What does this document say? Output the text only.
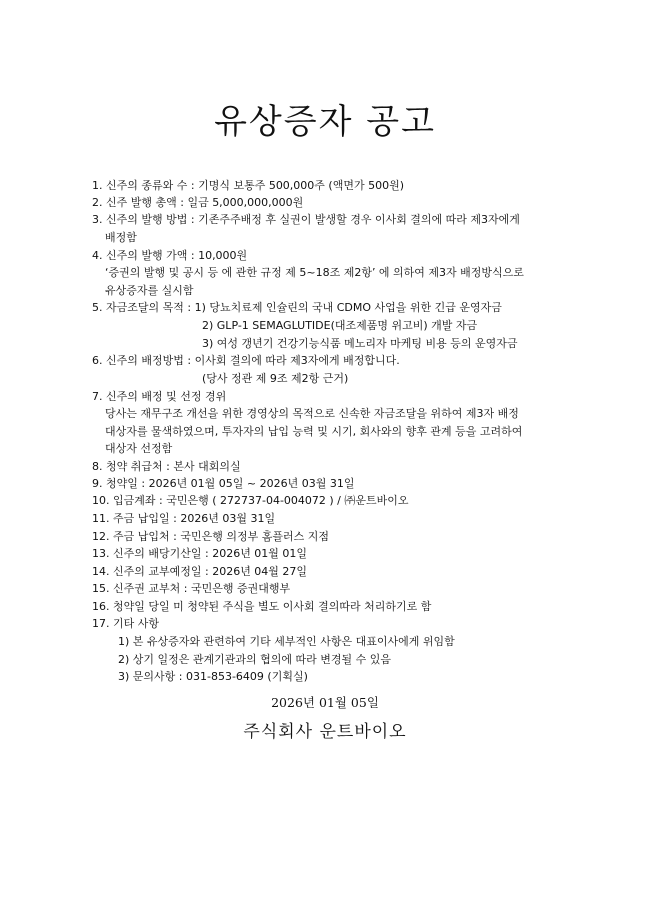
유상증자 공고
1. 신주의 종류와 수 : 기명식 보통주 500,000주 (액면가 500원)
2. 신주 발행 총액 : 일금 5,000,000,000원
3. 신주의 발행 방법 : 기존주주배정 후 실권이 발생할 경우 이사회 결의에 따라 제3자에게
배정함
4. 신주의 발행 가액 : 10,000원
‘증권의 발행 및 공시 등 에 관한 규정 제 5~18조 제2항’ 에 의하여 제3자 배정방식으로
유상증자를 실시함
5. 자금조달의 목적 : 1) 당뇨치료제 인슐린의 국내 CDMO 사업을 위한 긴급 운영자금
2) GLP-1 SEMAGLUTIDE(대조제품명 위고비) 개발 자금
3) 여성 갱년기 건강기능식품 메노리자 마케팅 비용 등의 운영자금
6. 신주의 배정방법 : 이사회 결의에 따라 제3자에게 배정합니다.
(당사 정관 제 9조 제2항 근거)
7. 신주의 배정 및 선정 경위
당사는 재무구조 개선을 위한 경영상의 목적으로 신속한 자금조달을 위하여 제3자 배정
대상자를 물색하였으며, 투자자의 납입 능력 및 시기, 회사와의 향후 관계 등을 고려하여
대상자 선정함
8. 청약 취급처 : 본사 대회의실
9. 청약일 : 2026년 01월 05일 ~ 2026년 03월 31일
10. 입금계좌 : 국민은행 ( 272737-04-004072 ) / ㈜운트바이오
11. 주금 납입일 : 2026년 03월 31일
12. 주금 납입처 : 국민은행 의정부 홈플러스 지점
13. 신주의 배당기산일 : 2026년 01월 01일
14. 신주의 교부예정일 : 2026년 04월 27일
15. 신주권 교부처 : 국민은행 증권대행부
16. 청약일 당일 미 청약된 주식을 별도 이사회 결의따라 처리하기로 함
17. 기타 사항
1) 본 유상증자와 관련하여 기타 세부적인 사항은 대표이사에게 위임함
2) 상기 일정은 관계기관과의 협의에 따라 변경될 수 있음
3) 문의사항 : 031-853-6409 (기획실)
2026년 01월 05일
주식회사 운트바이오
